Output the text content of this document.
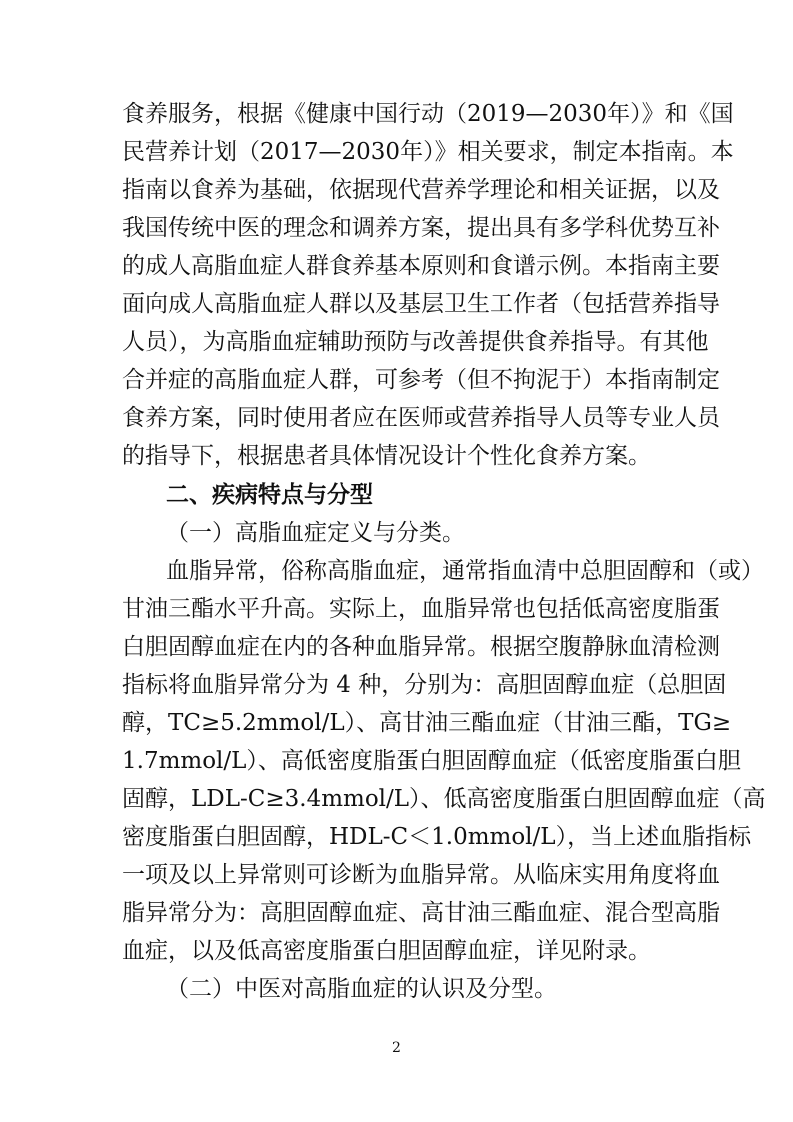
食养服务，根据《健康中国行动（2019—2030年）》和《国
民营养计划（2017—2030年）》相关要求，制定本指南。本
指南以食养为基础，依据现代营养学理论和相关证据，以及
我国传统中医的理念和调养方案，提出具有多学科优势互补
的成人高脂血症人群食养基本原则和食谱示例。本指南主要
面向成人高脂血症人群以及基层卫生工作者（包括营养指导
人员），为高脂血症辅助预防与改善提供食养指导。有其他
合并症的高脂血症人群，可参考（但不拘泥于）本指南制定
食养方案，同时使用者应在医师或营养指导人员等专业人员
的指导下，根据患者具体情况设计个性化食养方案。
二、疾病特点与分型
（一）高脂血症定义与分类。
血脂异常，俗称高脂血症，通常指血清中总胆固醇和（或）
甘油三酯水平升高。实际上，血脂异常也包括低高密度脂蛋
白胆固醇血症在内的各种血脂异常。根据空腹静脉血清检测
指标将血脂异常分为 4 种，分别为：高胆固醇血症（总胆固
醇，TC≥5.2mmol/L）、高甘油三酯血症（甘油三酯，TG≥
1.7mmol/L）、高低密度脂蛋白胆固醇血症（低密度脂蛋白胆
固醇，LDL-C≥3.4mmol/L）、低高密度脂蛋白胆固醇血症（高
密度脂蛋白胆固醇，HDL-C＜1.0mmol/L），当上述血脂指标
一项及以上异常则可诊断为血脂异常。从临床实用角度将血
脂异常分为：高胆固醇血症、高甘油三酯血症、混合型高脂
血症，以及低高密度脂蛋白胆固醇血症，详见附录。
（二）中医对高脂血症的认识及分型。
2
